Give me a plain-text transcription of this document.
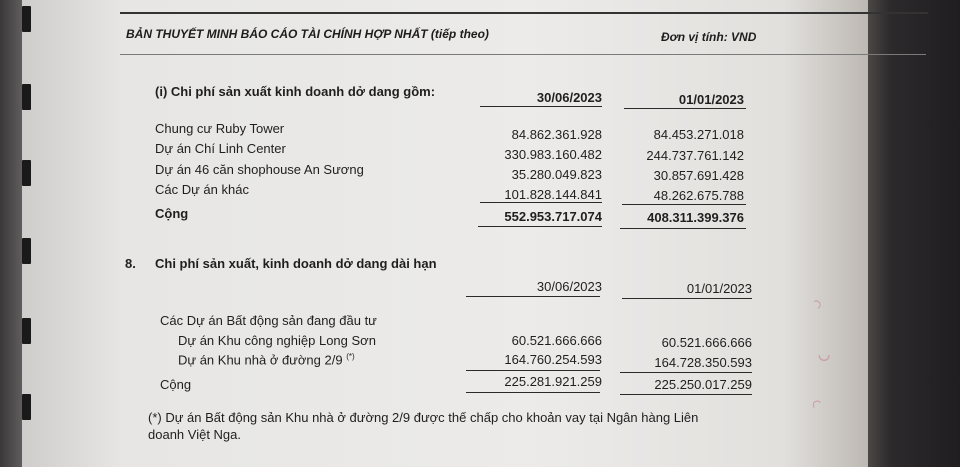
BẢN THUYẾT MINH BÁO CÁO TÀI CHÍNH HỢP NHẤT (tiếp theo)	Đơn vị tính: VND
(i) Chi phí sản xuất kinh doanh dở dang gồm:	30/06/2023	01/01/2023
Chung cư Ruby Tower	84.862.361.928	84.453.271.018
Dự án Chí Linh Center	330.983.160.482	244.737.761.142
Dự án 46 căn shophouse An Sương	35.280.049.823	30.857.691.428
Các Dự án khác	101.828.144.841	48.262.675.788
Cộng	552.953.717.074	408.311.399.376
8. Chi phí sản xuất, kinh doanh dở dang dài hạn
30/06/2023	01/01/2023
Các Dự án Bất động sản đang đầu tư
Dự án Khu công nghiệp Long Sơn	60.521.666.666	60.521.666.666
Dự án Khu nhà ở đường 2/9 (*)	164.760.254.593	164.728.350.593
Cộng	225.281.921.259	225.250.017.259
(*) Dự án Bất động sản Khu nhà ở đường 2/9 được thế chấp cho khoản vay tại Ngân hàng Liên
doanh Việt Nga.
◠
◡
◠
